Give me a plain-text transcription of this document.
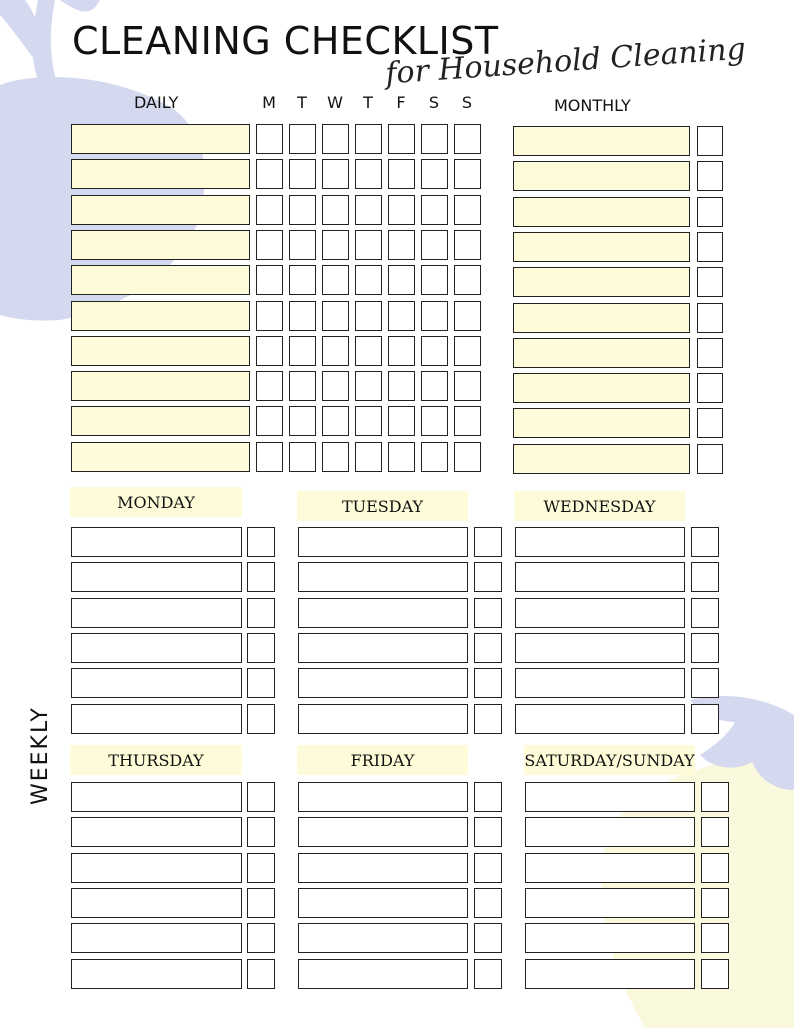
CLEANING CHECKLIST
for Household Cleaning
DAILY	MONTHLY
M	T	W	T	F	S	S
MONDAY	TUESDAY	WEDNESDAY
THURSDAY	FRIDAY	SATURDAY/SUNDAY
WEEKLY
